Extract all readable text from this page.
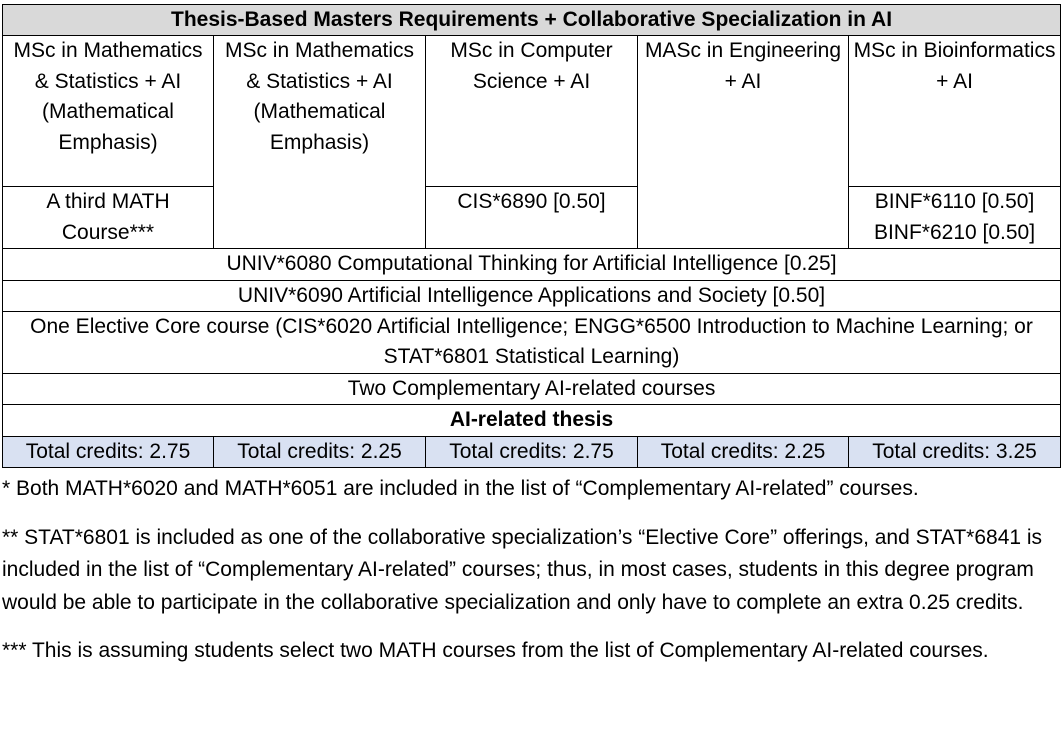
Thesis-Based Masters Requirements + Collaborative Specialization in AI				
MSc in Mathematics & Statistics + AI (Mathematical Emphasis)	MSc in Mathematics & Statistics + AI (Mathematical Emphasis)	MSc in Computer Science + AI	MASc in Engineering + AI	MSc in Bioinformatics + AI
A third MATH Course***		CIS*6890 [0.50]		BINF*6110 [0.50]
BINF*6210 [0.50]
UNIV*6080 Computational Thinking for Artificial Intelligence [0.25]				
UNIV*6090 Artificial Intelligence Applications and Society [0.50]				
One Elective Core course (CIS*6020 Artificial Intelligence; ENGG*6500 Introduction to Machine Learning; or STAT*6801 Statistical Learning)				
Two Complementary AI-related courses				
AI-related thesis				
Total credits: 2.75	Total credits: 2.25	Total credits: 2.75	Total credits: 2.25	Total credits: 3.25

* Both MATH*6020 and MATH*6051 are included in the list of “Complementary AI-related” courses.

** STAT*6801 is included as one of the collaborative specialization’s “Elective Core” offerings, and STAT*6841 is included in the list of “Complementary AI-related” courses; thus, in most cases, students in this degree program would be able to participate in the collaborative specialization and only have to complete an extra 0.25 credits.

*** This is assuming students select two MATH courses from the list of Complementary AI-related courses.
